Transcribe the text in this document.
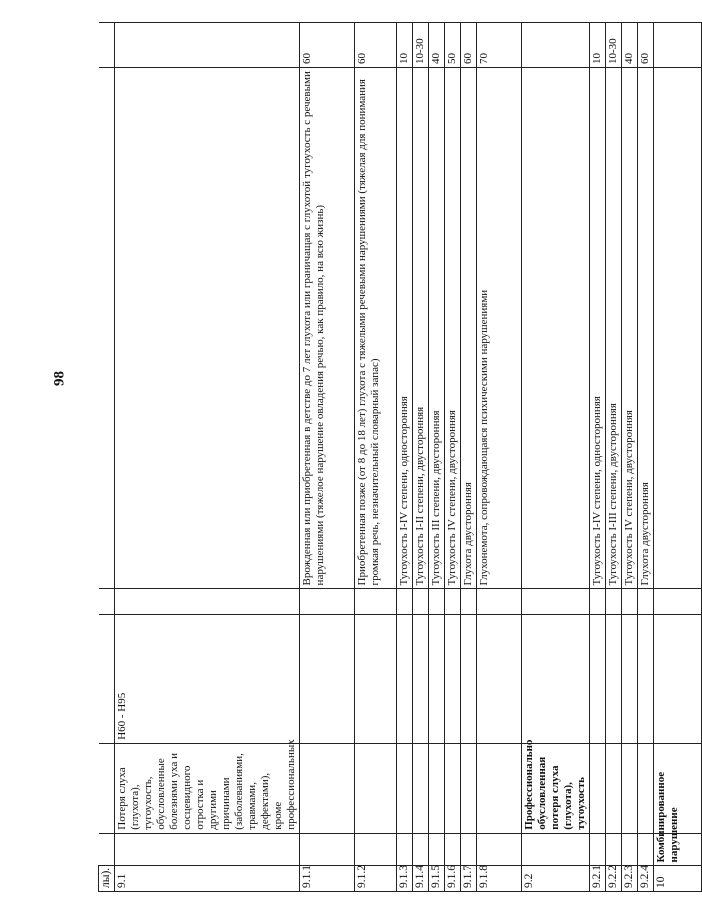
98
лы).						
9.1		Потеря слуха (глухота), тугоухость, обусловленные болезнями уха и сосцевидного отростка и другими причинами (заболеваниями, травмами, дефектами), кроме профессиональных	H60 - H95			
9.1.1					Врожденная или приобретенная в детстве до 7 лет глухота или граничащая с глухотой тугоухость с речевыми нарушениями (тяжелое нарушение овладения речью, как правило, на всю жизнь)	60
9.1.2					Приобретенная позже (от 8 до 18 лет) глухота с тяжелыми речевыми нарушениями (тяжелая для понимания громкая речь, незначительный словарный запас)	60
9.1.3					Тугоухость I-IV степени, односторонняя	10
9.1.4					Тугоухость I-II степени, двусторонняя	10-30
9.1.5					Тугоухость III степени, двусторонняя	40
9.1.6					Тугоухость IV степени, двусторонняя	50
9.1.7					Глухота двусторонняя	60
9.1.8					Глухонемота, сопровождающаяся психическими нарушениями	70
9.2		Профессионально обусловленная потеря слуха (глухота), тугоухость				
9.2.1					Тугоухость I-IV степени, односторонняя	10
9.2.2					Тугоухость I-III степени, двусторонняя	10-30
9.2.3					Тугоухость IV степени, двусторонняя	40
9.2.4					Глухота двусторонняя	60
10	Комбинированное нарушение					
